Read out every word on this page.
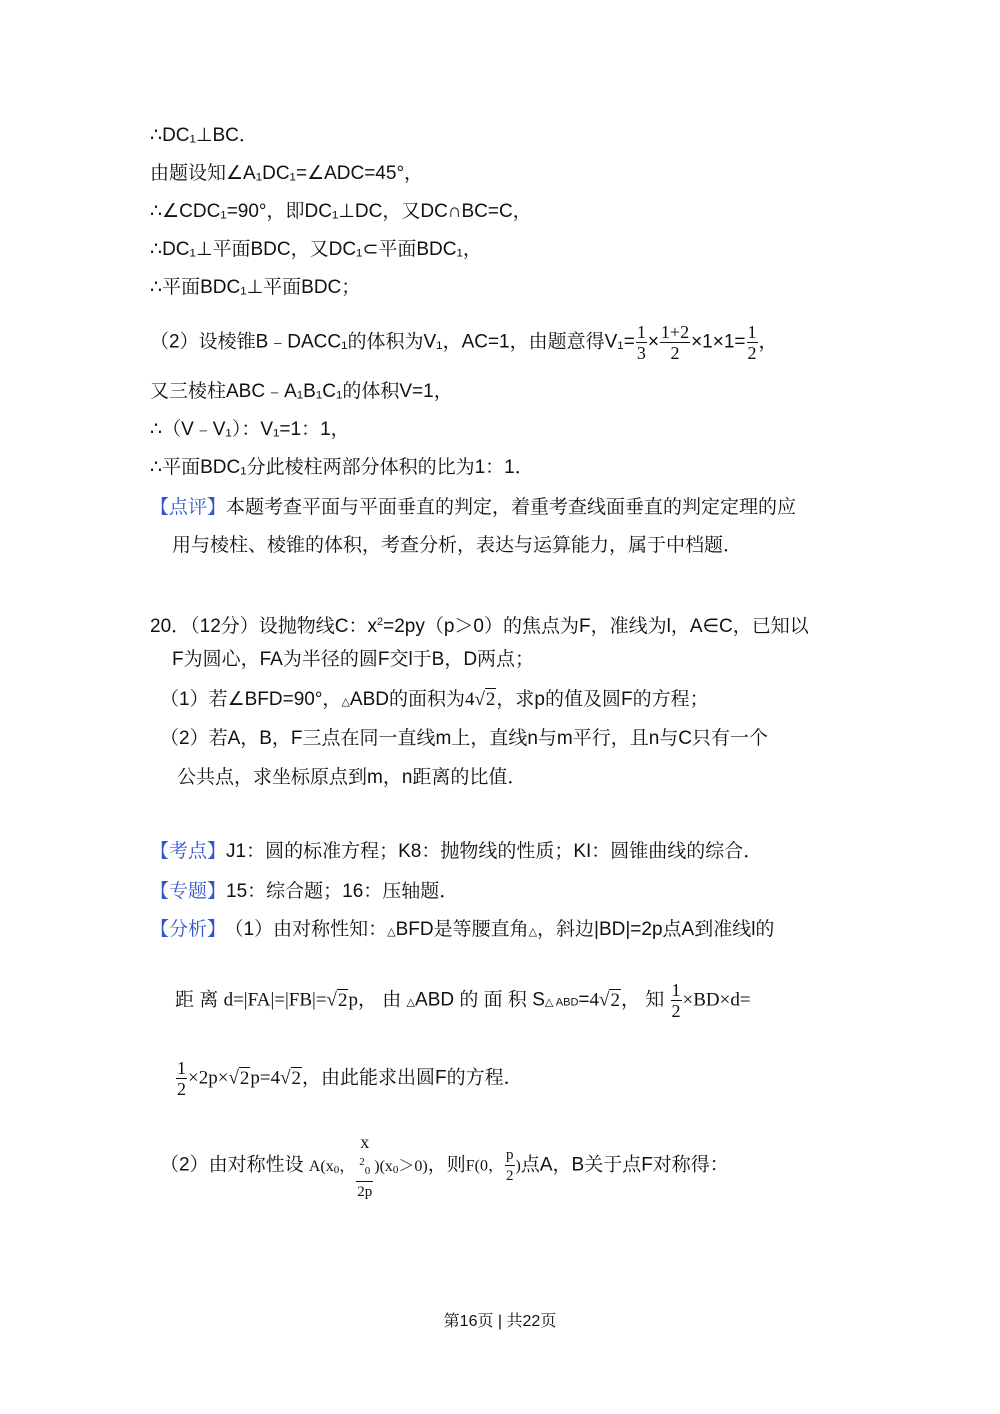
∴DC₁⊥BC．
由题设知∠A₁DC₁=∠ADC=45°，
∴∠CDC₁=90°，即DC₁⊥DC，又DC∩BC=C，
∴DC₁⊥平面BDC，又DC₁⊂平面BDC₁，
∴平面BDC₁⊥平面BDC；
（2）设棱锥B﹣DACC₁的体积为V₁，AC=1，由题意得$V_1= \frac{1}{3} \times \frac{1+2}{2} \times 1\times 1= \frac{1}{2}$ ，
又三棱柱ABC﹣A₁B₁C₁的体积V=1，
∴（V﹣V₁）：V₁=1：1，
∴平面BDC₁分此棱柱两部分体积的比为1：1．
【点评】本题考查平面与平面垂直的判定，着重考查线面垂直的判定定理的应
用与棱柱、棱锥的体积，考查分析，表达与运算能力，属于中档题．
20．（12分）设抛物线C：$x^2=2py(p>0)$的焦点为F，准线为l，A∈C，已知以
F为圆心，FA为半径的圆F交l于B，D两点；
（1）若∠BFD=90°，△ABD的面积为4√2，求p的值及圆F的方程；
（2）若A，B，F三点在同一直线m上，直线n与m平行，且n与C只有一个
公共点，求坐标原点到m，n距离的比值．
【考点】J1：圆的标准方程；K8：抛物线的性质；KI：圆锥曲线的综合．
【专题】15：综合题；16：压轴题．
【分析】 （1）由对称性知：△BFD是等腰直角△，斜边|BD|=2p点A到准线l的
距 离 d=|FA|=|FB|=√2p， 由 △ABD 的 面 积 S△ ABD=4√2， 知 $\frac{1}{2} \times BD\times d=$
$\frac{1}{2} \times 2p\times√2p=4√2$，由此能求出圆F的方程．
（2）由对称性设 $A(x_0$， x
$^2_0$
2p )$(x_0>0)$，则F(0， $\frac{p}{2}$ )点A，B关于点F对称得：
第16页 | 共22页
